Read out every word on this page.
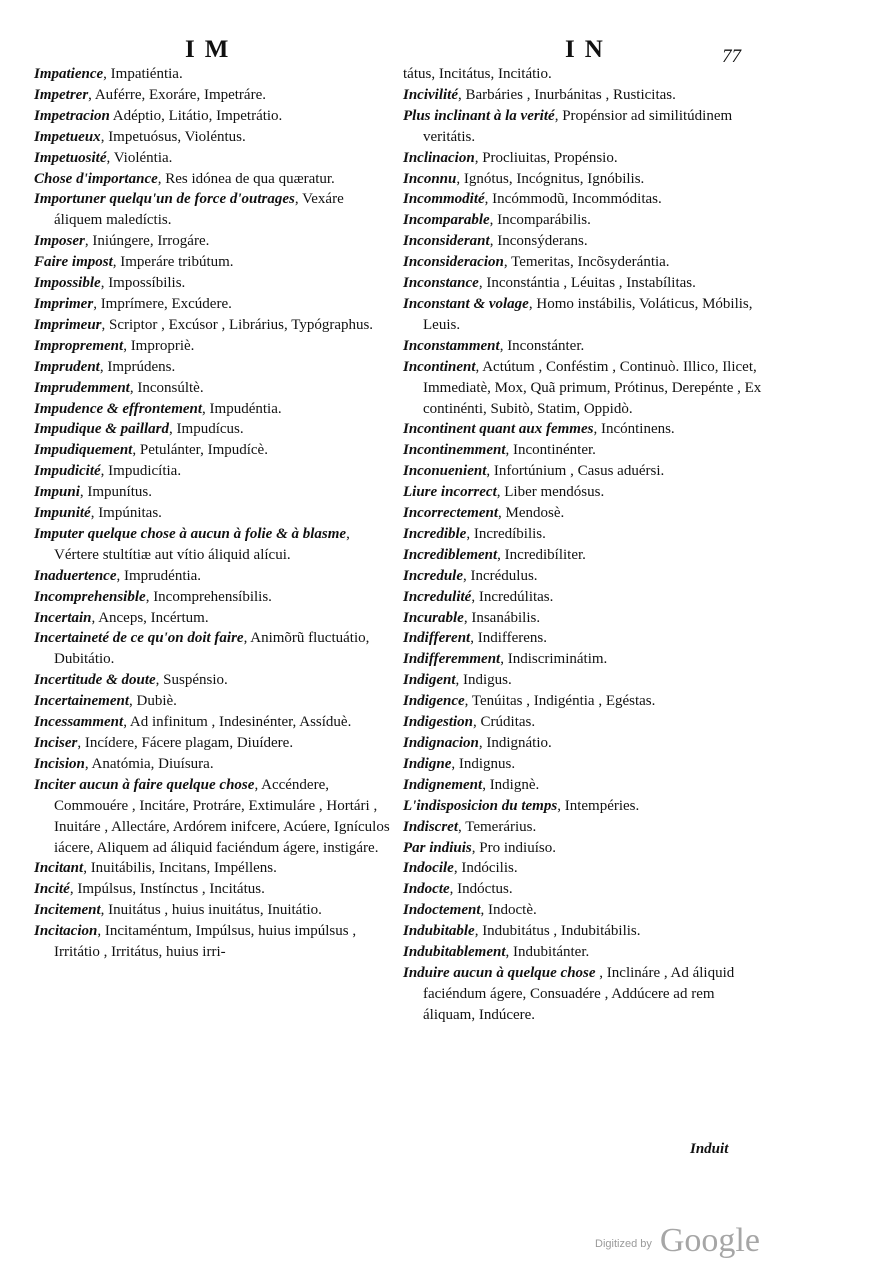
IM	IN	77
Impatience, Impatiéntia.
Impetrer, Auférre, Exoráre, Impetráre.
Impetracion Adéptio, Litátio, Impetrátio.
Impetueux, Impetuósus, Violéntus.
Impetuosité, Violéntia.
Chose d'importance, Res idónea de qua quæratur.
Importuner quelqu'un de force d'outrages, Vexáre áliquem maledíctis.
Imposer, Iniúngere, Irrogáre.
Faire impost, Imperáre tribútum.
Impossible, Impossíbilis.
Imprimer, Imprímere, Excúdere.
Imprimeur, Scriptor , Excúsor , Librárius, Typógraphus.
Improprement, Impropriè.
Imprudent, Imprúdens.
Imprudemment, Inconsúltè.
Impudence & effrontement, Impudéntia.
Impudique & paillard, Impudícus.
Impudiquement, Petulánter, Impudícè.
Impudicité, Impudicítia.
Impuni, Impunítus.
Impunité, Impúnitas.
Imputer quelque chose à aucun à folie & à blasme, Vértere stultítiæ aut vítio áliquid alícui.
Inaduertence, Imprudéntia.
Incomprehensible, Incomprehensíbilis.
Incertain, Anceps, Incértum.
Incertaineté de ce qu'on doit faire, Animõrũ fluctuátio, Dubitátio.
Incertitude & doute, Suspénsio.
Incertainement, Dubiè.
Incessamment, Ad infinitum , Indesinénter, Assíduè.
Inciser, Incídere, Fácere plagam, Diuídere.
Incision, Anatómia, Diuísura.
Inciter aucun à faire quelque chose, Accéndere, Commouére , Incitáre, Protráre, Extimuláre , Hortári , Inuitáre , Allectáre, Ardórem inifcere, Acúere, Ignículos iácere, Aliquem ad áliquid faciéndum ágere, instigáre.
Incitant, Inuitábilis, Incitans, Impéllens.
Incité, Impúlsus, Instínctus , Incitátus.
Incitement, Inuitátus , huius inuitátus, Inuitátio.
Incitacion, Incitaméntum, Impúlsus, huius impúlsus , Irritátio , Irritátus, huius irri-
tátus, Incitátus, Incitátio.
Incivilité, Barbáries , Inurbánitas , Rusticitas.
Plus inclinant à la verité, Propénsior ad similitúdinem veritátis.
Inclinacion, Procliuitas, Propénsio.
Inconnu, Ignótus, Incógnitus, Ignóbilis.
Incommodité, Incómmodũ, Incommóditas.
Incomparable, Incomparábilis.
Inconsiderant, Inconsýderans.
Inconsideracion, Temeritas, Incõsyderántia.
Inconstance, Inconstántia , Léuitas , Instabílitas.
Inconstant & volage, Homo instábilis, Voláticus, Móbilis, Leuis.
Inconstamment, Inconstánter.
Incontinent, Actútum , Conféstim , Continuò. Illico, Ilicet, Immediatè, Mox, Quã primum, Prótinus, Derepénte , Ex continénti, Subitò, Statim, Oppidò.
Incontinent quant aux femmes, Incóntinens.
Incontinemment, Incontinénter.
Inconuenient, Infortúnium , Casus aduérsi.
Liure incorrect, Liber mendósus.
Incorrectement, Mendosè.
Incredible, Incredíbilis.
Incrediblement, Incredibíliter.
Incredule, Incrédulus.
Incredulité, Incredúlitas.
Incurable, Insanábilis.
Indifferent, Indifferens.
Indifferemment, Indiscriminátim.
Indigent, Indigus.
Indigence, Tenúitas , Indigéntia , Egéstas.
Indigestion, Crúditas.
Indignacion, Indignátio.
Indigne, Indignus.
Indignement, Indignè.
L'indisposicion du temps, Intempéries.
Indiscret, Temerárius.
Par indiuis, Pro indiuíso.
Indocile, Indócilis.
Indocte, Indóctus.
Indoctement, Indoctè.
Indubitable, Indubitátus , Indubitábilis.
Indubitablement, Indubitánter.
Induire aucun à quelque chose , Inclináre , Ad áliquid faciéndum ágere, Consuadére , Addúcere ad rem áliquam, Indúcere.
Induit
$^{Digitized by}$ Google
